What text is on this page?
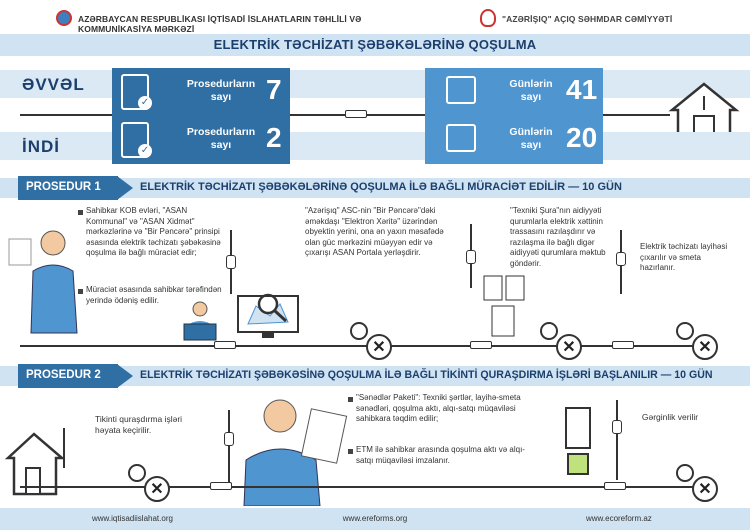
AZƏRBAYCAN RESPUBLİKASI İQTİSADİ İSLAHATLARIN TƏHLİLİ VƏ KOMMUNİKASİYA MƏRKƏZİ
"AZƏRİŞIQ" AÇIQ SƏHMDAR CƏMİYYƏTİ
ELEKTRİK TƏCHİZATI ŞƏBƏKƏLƏRİNƏ QOŞULMA
ƏVVƏL
✓
Prosedurların sayı	7	Günlərin sayı 41
İNDİ	✓
Prosedurların sayı	2	Günlərin sayı 20
PROSEDUR 1	ELEKTRİK TƏCHİZATI ŞƏBƏKƏLƏRİNƏ QOŞULMA İLƏ BAĞLI MÜRACİƏT EDİLİR — 10 GÜN
Sahibkar KOB evləri, "ASAN Kommunal" və "ASAN Xidmət" mərkəzlərinə və "Bir Pəncərə" prinsipi əsasında elektrik təchizatı şəbəkəsinə qoşulma ilə bağlı müraciət edir;
Müraciət əsasında sahibkar tərəfindən yerində ödəniş edilir.
"Azərişıq" ASC-nin "Bir Pəncərə"dəki əməkdaşı "Elektron Xəritə" üzərindən obyektin yerini, ona ən yaxın məsafədə olan güc mərkəzini müəyyən edir və çıxarışı ASAN Portala yerləşdirir.
"Texniki Şura"nın aidiyyəti qurumlarla elektrik xəttinin trassasını razılaşdırır və razılaşma ilə bağlı digər aidiyyəti qurumlara məktub göndərir.
Elektrik təchizatı layihəsi çıxarılır və smeta hazırlanır.
✕	✕	✕
PROSEDUR 2	ELEKTRİK TƏCHİZATI ŞƏBƏKƏSİNƏ QOŞULMA İLƏ BAĞLI TİKİNTİ QURAŞDIRMA İŞLƏRİ BAŞLANILIR — 10 GÜN
Tikinti quraşdırma işləri həyata keçirilir.
"Sənədlər Paketi": Texniki şərtlər, layihə-smeta sənədləri, qoşulma aktı, alqı-satqı müqaviləsi sahibkara təqdim edilir;
ETM ilə sahibkar arasında qoşulma aktı və alqı-satqı müqaviləsi imzalanır.
Gərginlik verilir
✕	✕
www.iqtisadiislahat.org	www.ereforms.org	www.ecoreform.az
